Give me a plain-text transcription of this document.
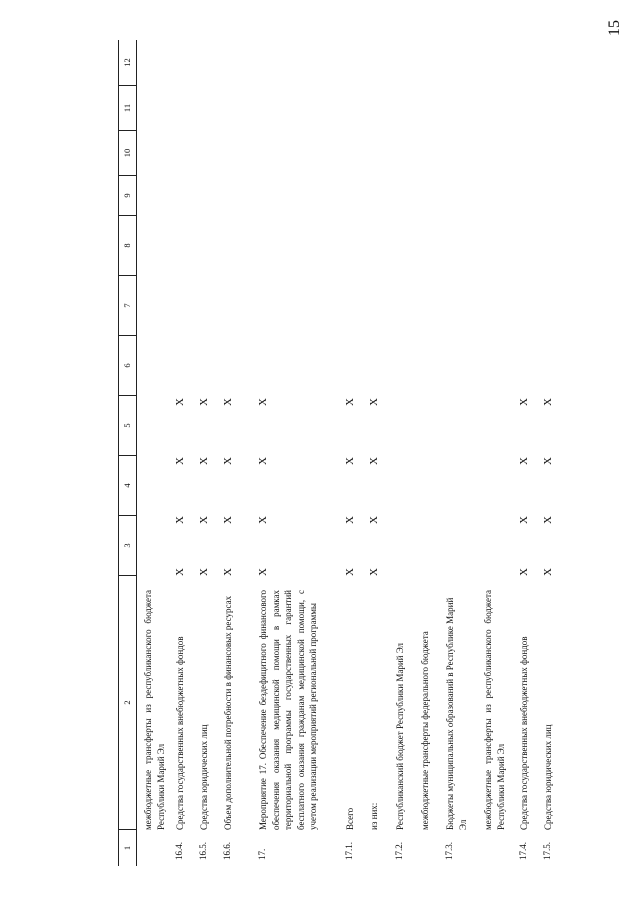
15
1
2
3
4
5
6
7
8
9
10
11
12
межбюджетные трансферты из республиканского бюджета Республики Марий Эл
16.4.
Средства государственных внебюджетных фондов
X
X
X
X
16.5.
Средства юридических лиц
X
X
X
X
16.6.
Объем дополнительной потребности в финансовых ресурсах
X
X
X
X
17.
Мероприятие 17. Обеспечение бездефицитного финансового обеспечения оказания медицинской помощи в рамках территориальной программы государственных гарантий бесплатного оказания гражданам медицинской помощи, с учетом реализации мероприятий региональной программы
X
X
X
X
17.1.
Всего
X
X
X
X
из них:
X
X
X
X
17.2.
Республиканский бюджет Республики Марий Эл межбюджетные трансферты федерального бюджета
17.3.
Бюджеты муниципальных образований в Республике Марий Эл межбюджетные трансферты из республиканского бюджета Республики Марий Эл
17.4.
Средства государственных внебюджетных фондов
X
X
X
X
17.5.
Средства юридических лиц
X
X
X
X
